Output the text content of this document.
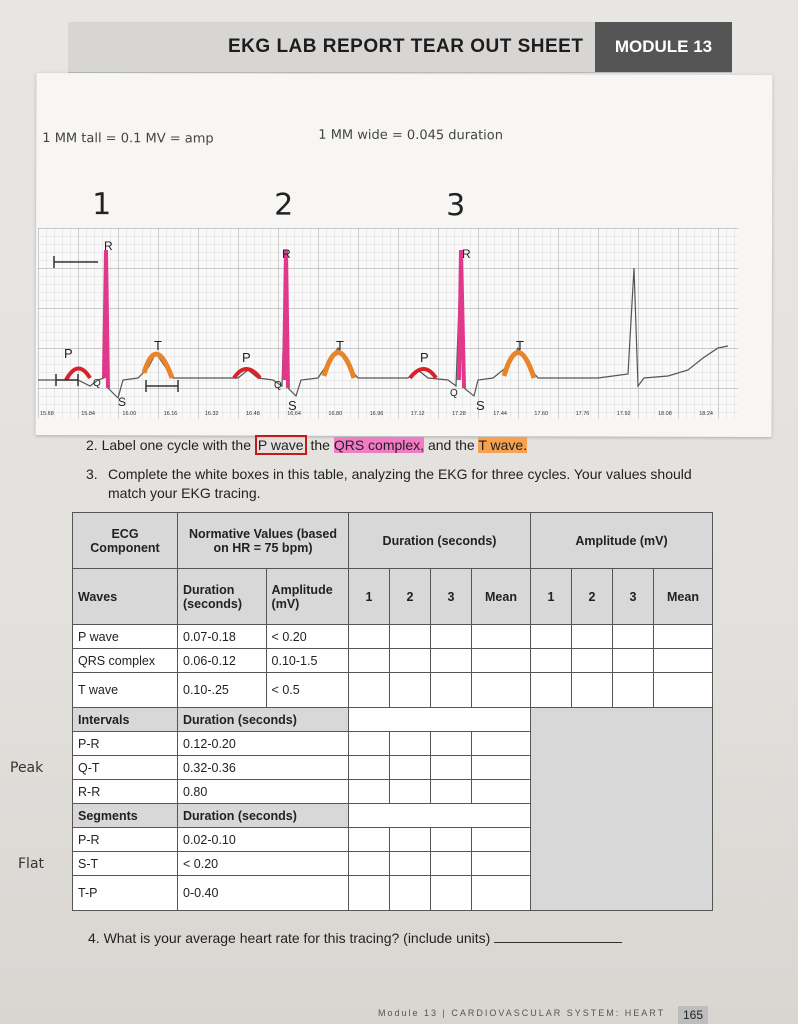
EKG LAB REPORT TEAR OUT SHEET	MODULE 13
1 MM tall = 0.1 MV = amp	1 MM wide = 0.045 duration
1	2	3
R
R	R
P	P	P
T	T	T
Q	Q
Q
S	S	S
15.68	15.84	16.00	16.16	16.32	16.48	16.64	16.80	16.96	17.12	17.28	17.44	17.60	17.76	17.92	18.08	18.24
2. Label one cycle with the P wave the QRS complex, and the T wave.
3. Complete the white boxes in this table, analyzing the EKG for three cycles. Your values should match your EKG tracing.
ECG Component	Normative Values (based on HR = 75 bpm)		Duration (seconds)				Amplitude (mV)			
Waves	Duration (seconds)	Amplitude (mV)	1	2	3	Mean	1	2	3	Mean
P wave	0.07-0.18	< 0.20								
QRS complex	0.06-0.12	0.10-1.5								
T wave	0.10-.25	< 0.5								
Intervals	Duration (seconds)									
P-R	0.12-0.20									
Q-T	0.32-0.36									
R-R	0.80									
Segments	Duration (seconds)									
P-R	0.02-0.10									
S-T	< 0.20									
T-P	0-0.40									
Peak
Flat
4. What is your average heart rate for this tracing? (include units)
Module 13 | CARDIOVASCULAR SYSTEM: HEART	165
